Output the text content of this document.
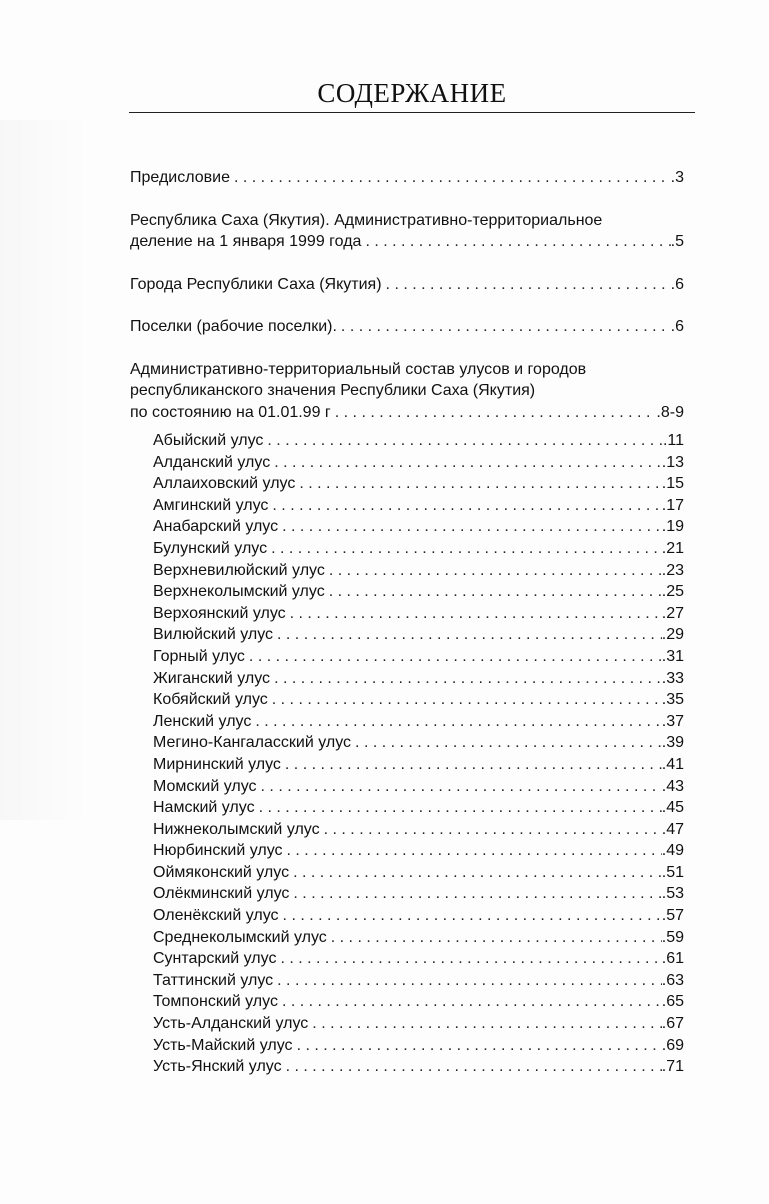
СОДЕРЖАНИЕ
Предисловие . . .	.3
Республика Саха (Якутия). Административно-территориальное
деление на 1 января 1999 года . . .	.5
Города Республики Саха (Якутия) . . .	.6
Поселки (рабочие поселки). . . .	.6
Административно-территориальный состав улусов и городов
республиканского значения Республики Саха (Якутия)
по состоянию на 01.01.99 г . . .	.8-9
Абыйский улус . . .	.11
Алданский улус . . .	.13
Аллаиховский улус . . .	.15
Амгинский улус . . .	.17
Анабарский улус . . .	.19
Булунский улус . . .	.21
Верхневилюйский улус . . .	.23
Верхнеколымский улус . . .	.25
Верхоянский улус . . .	.27
Вилюйский улус . . .	.29
Горный улус . . .	.31
Жиганский улус . . .	.33
Кобяйский улус . . .	.35
Ленский улус . . .	.37
Мегино-Кангаласский улус . . .	.39
Мирнинский улус . . .	.41
Момский улус . . .	.43
Намский улус . . .	.45
Нижнеколымский улус . . .	.47
Нюрбинский улус . . .	.49
Оймяконский улус . . .	.51
Олёкминский улус . . .	.53
Оленёкский улус . . .	.57
Среднеколымский улус . . .	.59
Сунтарский улус . . .	.61
Таттинский улус . . .	.63
Томпонский улус . . .	.65
Усть-Алданский улус . . .	.67
Усть-Майский улус . . .	.69
Усть-Янский улус . . .	.71
